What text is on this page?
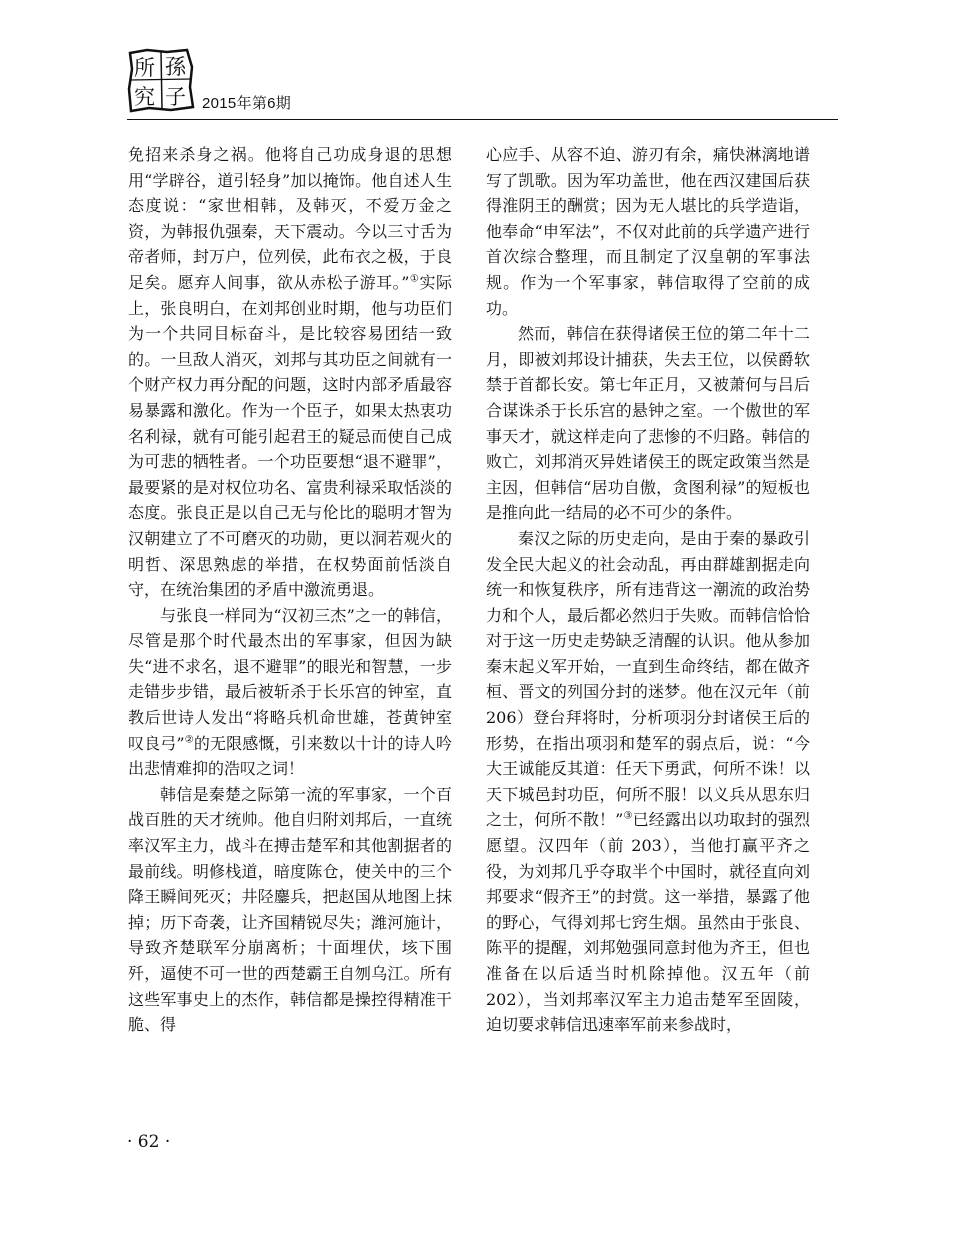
所 孫
究 子 2015年第6期

免招来杀身之祸。他将自己功成身退的思想用“学辟谷，道引轻身”加以掩饰。他自述人生态度说：“家世相韩，及韩灭，不爱万金之资，为韩报仇强秦，天下震动。今以三寸舌为帝者师，封万户，位列侯，此布衣之极，于良足矣。愿弃人间事，欲从赤松子游耳。”①实际上，张良明白，在刘邦创业时期，他与功臣们为一个共同目标奋斗，是比较容易团结一致的。一旦敌人消灭，刘邦与其功臣之间就有一个财产权力再分配的问题，这时内部矛盾最容易暴露和激化。作为一个臣子，如果太热衷功名利禄，就有可能引起君王的疑忌而使自己成为可悲的牺牲者。一个功臣要想“退不避罪”，最要紧的是对权位功名、富贵利禄采取恬淡的态度。张良正是以自己无与伦比的聪明才智为汉朝建立了不可磨灭的功勋，更以洞若观火的明哲、深思熟虑的举措，在权势面前恬淡自守，在统治集团的矛盾中激流勇退。

与张良一样同为“汉初三杰”之一的韩信，尽管是那个时代最杰出的军事家，但因为缺失“进不求名，退不避罪”的眼光和智慧，一步走错步步错，最后被斩杀于长乐宫的钟室，直教后世诗人发出“将略兵机命世雄，苍黄钟室叹良弓”②的无限感慨，引来数以十计的诗人吟出悲情难抑的浩叹之词！

韩信是秦楚之际第一流的军事家，一个百战百胜的天才统帅。他自归附刘邦后，一直统率汉军主力，战斗在搏击楚军和其他割据者的最前线。明修栈道，暗度陈仓，使关中的三个降王瞬间死灭；井陉鏖兵，把赵国从地图上抹掉；历下奇袭，让齐国精锐尽失；潍河施计，导致齐楚联军分崩离析；十面埋伏，垓下围歼，逼使不可一世的西楚霸王自刎乌江。所有这些军事史上的杰作，韩信都是操控得精准干脆、得

心应手、从容不迫、游刃有余，痛快淋漓地谱写了凯歌。因为军功盖世，他在西汉建国后获得淮阴王的酬赏；因为无人堪比的兵学造诣，他奉命“申军法”，不仅对此前的兵学遗产进行首次综合整理，而且制定了汉皇朝的军事法规。作为一个军事家，韩信取得了空前的成功。

然而，韩信在获得诸侯王位的第二年十二月，即被刘邦设计捕获，失去王位，以侯爵软禁于首都长安。第七年正月，又被萧何与吕后合谋诛杀于长乐宫的悬钟之室。一个傲世的军事天才，就这样走向了悲惨的不归路。韩信的败亡，刘邦消灭异姓诸侯王的既定政策当然是主因，但韩信“居功自傲，贪图利禄”的短板也是推向此一结局的必不可少的条件。

秦汉之际的历史走向，是由于秦的暴政引发全民大起义的社会动乱，再由群雄割据走向统一和恢复秩序，所有违背这一潮流的政治势力和个人，最后都必然归于失败。而韩信恰恰对于这一历史走势缺乏清醒的认识。他从参加秦末起义军开始，一直到生命终结，都在做齐桓、晋文的列国分封的迷梦。他在汉元年（前 206）登台拜将时，分析项羽分封诸侯王后的形势，在指出项羽和楚军的弱点后，说：“今大王诚能反其道：任天下勇武，何所不诛！以天下城邑封功臣，何所不服！以义兵从思东归之士，何所不散！”③已经露出以功取封的强烈愿望。汉四年（前 203），当他打赢平齐之役，为刘邦几乎夺取半个中国时，就径直向刘邦要求“假齐王”的封赏。这一举措，暴露了他的野心，气得刘邦七窍生烟。虽然由于张良、陈平的提醒，刘邦勉强同意封他为齐王，但也准备在以后适当时机除掉他。汉五年（前 202），当刘邦率汉军主力追击楚军至固陵，迫切要求韩信迅速率军前来参战时，

· 62 ·
